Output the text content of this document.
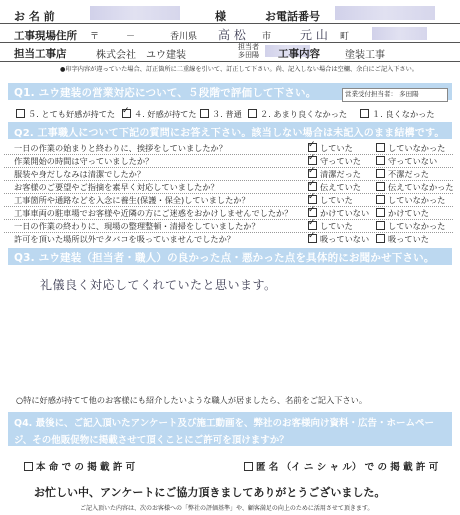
お 名 前	様	お電話番号
工事現場住所 〒	－	香川県 高 松 市 元 山 町
担当工事店	株式会社　ユウ建装
担当者
多田陽 工事内容	塗装工事
●印字内容が違っていた場合、訂正箇所に二重線を引いて、訂正して下さい。尚、記入しない場合は空欄、余白にご記入下さい。
Q1. ユウ建装の営業対応について、５段階で評価して下さい。	営業受付担当者： 多田陽
５. とても好感が持てた ✓	４. 好感が持てた	３. 普通	２. あまり良くなかった	１. 良くなかった
Q2. 工事職人について下記の質問にお答え下さい。該当しない場合は未記入のまま結構です。
一日の作業の始まりと終わりに、挨拶をしていましたか？ ✓	していた	していなかった
作業開始の時間は守っていましたか？ ✓	守っていた	守っていない
服装や身だしなみは清潔でしたか？ ✓	清潔だった	不潔だった
お客様のご要望やご指摘を素早く対応していましたか？ ✓	伝えていた	伝えていなかった
工事箇所や通路などを入念に養生(保護・保全)していましたか？ ✓	していた	していなかった
工事車両の駐車場でお客様や近隣の方にご迷惑をおかけしませんでしたか？ ✓	かけていない	かけていた
一日の作業の終わりに、現場の整理整頓・清掃をしていましたか？ ✓	していた	していなかった
許可を頂いた場所以外でタバコを吸っていませんでしたか？ ✓	吸っていない	吸っていた
Q3. ユウ建装（担当者・職人）の良かった点・悪かった点を具体的にお聞かせ下さい。
礼儀良く対応してくれていたと思います。
○特に好感が持てて他のお客様にも紹介したいような職人が居ましたら、名前をご記入下さい。
Q4. 最後に、ご記入頂いたアンケート及び施工動画を、弊社のお客様向け資料・広告・ホームペー
ジ、その他販促物に掲載させて頂くことにご許可を頂けますか？
本 命 で の 掲 載 許 可	匿 名 （イ ニ シ ャ ル） で の 掲 載 許 可
お忙しい中、アンケートにご協力頂きましてありがとうございました。
ご記入頂いた内容は、次のお客様への「弊社の評価基準」や、顧客満足の向上のために活用させて頂きます。
